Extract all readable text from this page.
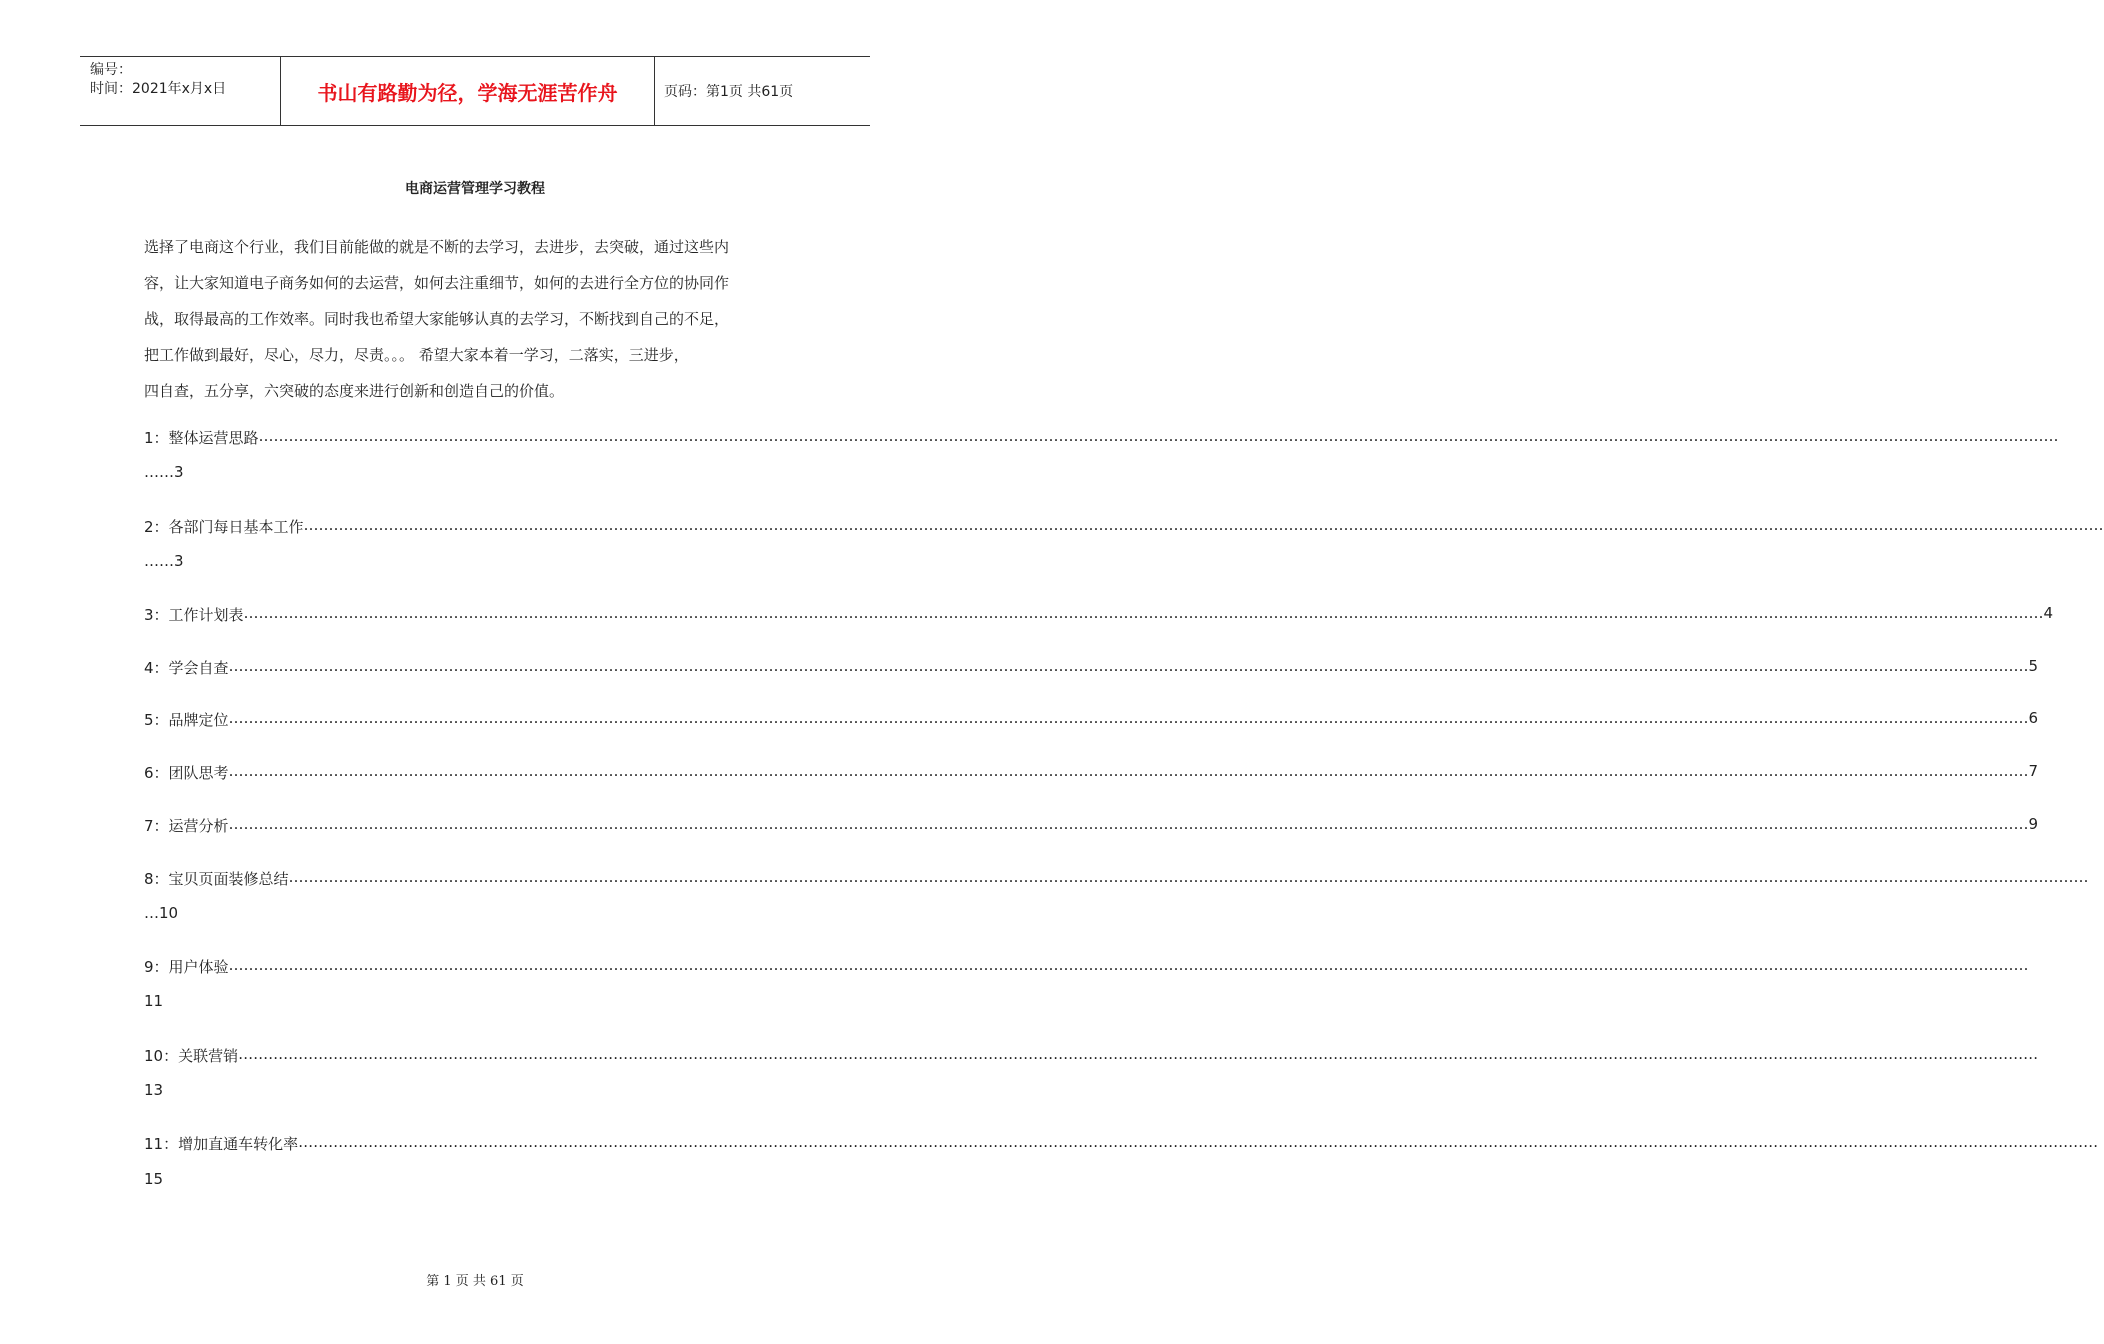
编号：
时间：2021年x月x日	书山有路勤为径，学海无涯苦作舟	页码：第1页 共61页
电商运营管理学习教程

选择了电商这个行业，我们目前能做的就是不断的去学习，去进步，去突破，通过这些内

容，让大家知道电子商务如何的去运营，如何去注重细节，如何的去进行全方位的协同作

战，取得最高的工作效率。同时我也希望大家能够认真的去学习，不断找到自己的不足，

把工作做到最好，尽心，尽力，尽责。。。 希望大家本着一学习，二落实，三进步，

四自查，五分享，六突破的态度来进行创新和创造自己的价值。

1：整体运营思路 ………………………………………………………………………………………………………………………………………………………………………………………………………………………………………………………………………………………………………………………………
……3
2：各部门每日基本工作 ………………………………………………………………………………………………………………………………………………………………………………………………………………………………………………………………………………………………………………………………
……3
3：工作计划表 ……………………………………………………………………………………………………………………………………………………………………………………………………………………………………………………………………………………………………………………………… 4
4：学会自查 ……………………………………………………………………………………………………………………………………………………………………………………………………………………………………………………………………………………………………………………………… 5
5：品牌定位 ……………………………………………………………………………………………………………………………………………………………………………………………………………………………………………………………………………………………………………………………… 6
6：团队思考 ……………………………………………………………………………………………………………………………………………………………………………………………………………………………………………………………………………………………………………………………… 7
7：运营分析 ……………………………………………………………………………………………………………………………………………………………………………………………………………………………………………………………………………………………………………………………… 9
8：宝贝页面装修总结 ………………………………………………………………………………………………………………………………………………………………………………………………………………………………………………………………………………………………………………………………
…10
9：用户体验 ………………………………………………………………………………………………………………………………………………………………………………………………………………………………………………………………………………………………………………………………
11
10：关联营销 ………………………………………………………………………………………………………………………………………………………………………………………………………………………………………………………………………………………………………………………………
13
11：增加直通车转化率 ………………………………………………………………………………………………………………………………………………………………………………………………………………………………………………………………………………………………………………………………
15
第 1 页 共 61 页
